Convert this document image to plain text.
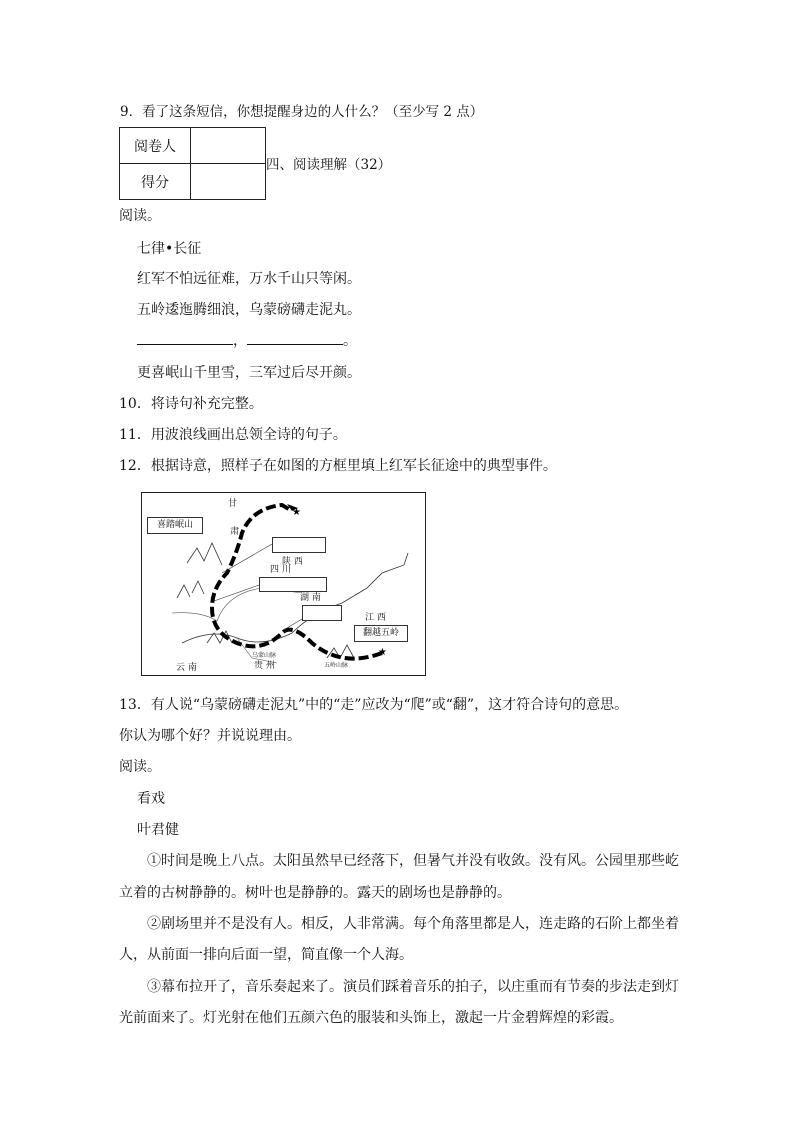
9．看了这条短信，你想提醒身边的人什么？（至少写 2 点）
阅卷人	
得分	
四、阅读理解（32）
阅读。
七律•长征
红军不怕远征难，万水千山只等闲。
五岭逶迤腾细浪，乌蒙磅礴走泥丸。
，	。
更喜岷山千里雪，三军过后尽开颜。
10．将诗句补充完整。
11．用波浪线画出总领全诗的句子。
12．根据诗意，照样子在如图的方框里填上红军长征途中的典型事件。
★
★
喜踏岷山
翻越五岭
甘
肃
陕 西
四 川
湖 南
江 西
云 南	贵 州
乌蒙山脉
五岭山脉
13．有人说“乌蒙磅礴走泥丸”中的“走”应改为“爬”或“翻”，这才符合诗句的意思。
你认为哪个好？并说说理由。
阅读。
看戏
叶君健
①时间是晚上八点。太阳虽然早已经落下，但暑气并没有收敛。没有风。公园里那些屹
立着的古树静静的。树叶也是静静的。露天的剧场也是静静的。
②剧场里并不是没有人。相反，人非常满。每个角落里都是人，连走路的石阶上都坐着
人，从前面一排向后面一望，简直像一个人海。
③幕布拉开了，音乐奏起来了。演员们踩着音乐的拍子，以庄重而有节奏的步法走到灯
光前面来了。灯光射在他们五颜六色的服装和头饰上，激起一片金碧辉煌的彩霞。
